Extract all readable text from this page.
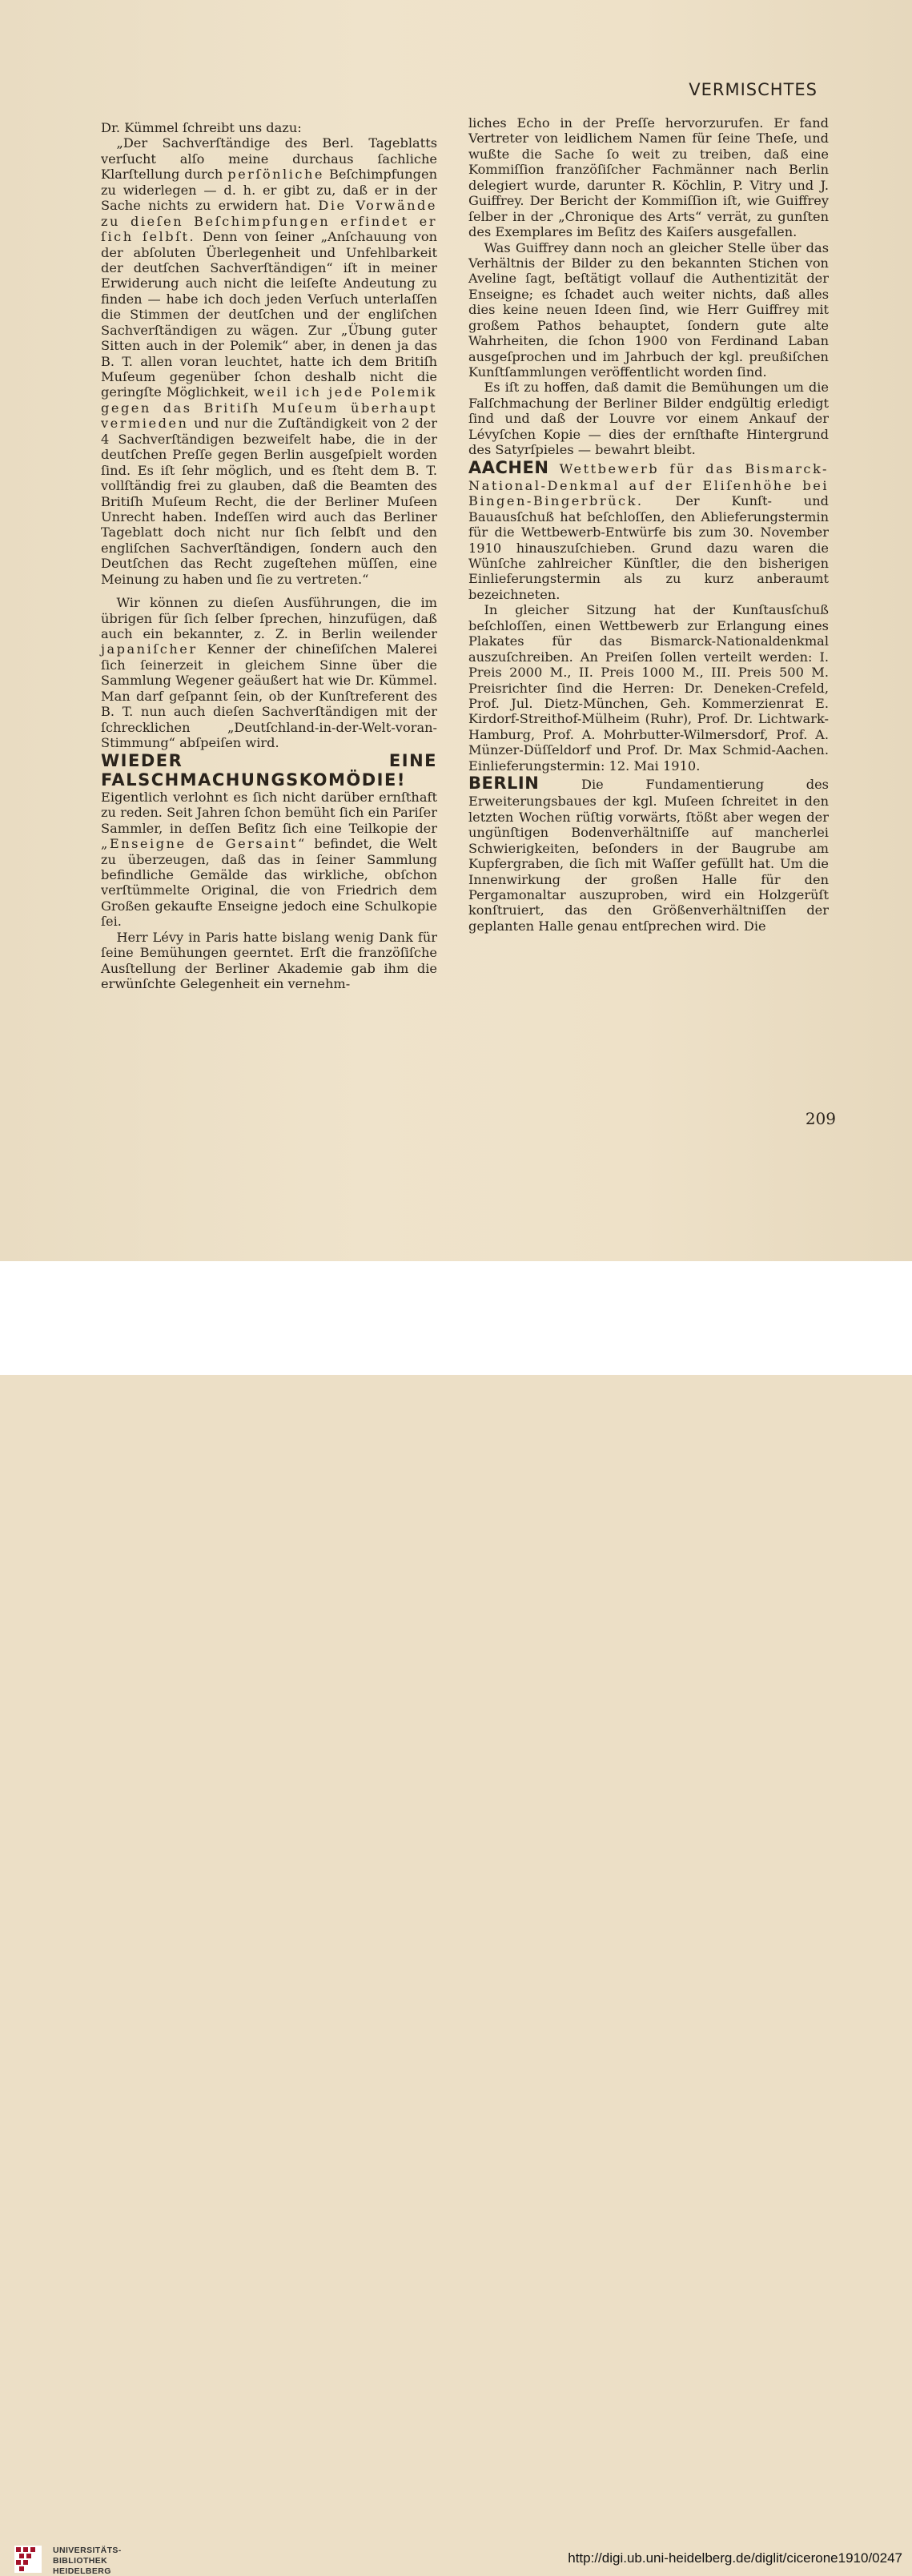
VERMISCHTES

Dr. Kümmel ſchreibt uns dazu:

„Der Sachverſtändige des Berl. Tageblatts verſucht alſo meine durchaus ſachliche Klarſtellung durch perſönliche Beſchimpfungen zu widerlegen — d. h. er gibt zu, daß er in der Sache nichts zu erwidern hat. Die Vorwände zu dieſen Beſchimpfungen erfindet er ſich ſelbſt. Denn von ſeiner „Anſchauung von der abſoluten Überlegenheit und Unfehlbarkeit der deutſchen Sachverſtändigen“ iſt in meiner Erwiderung auch nicht die leiſeſte Andeutung zu finden — habe ich doch jeden Verſuch unterlaſſen die Stimmen der deutſchen und der engliſchen Sachverſtändigen zu wägen. Zur „Übung guter Sitten auch in der Polemik“ aber, in denen ja das B. T. allen voran leuchtet, hatte ich dem Britiſh Muſeum gegenüber ſchon deshalb nicht die geringſte Möglichkeit, weil ich jede Polemik gegen das Britiſh Muſeum überhaupt vermieden und nur die Zuſtändigkeit von 2 der 4 Sachverſtändigen bezweifelt habe, die in der deutſchen Preſſe gegen Berlin ausgeſpielt worden ſind. Es iſt ſehr möglich, und es ſteht dem B. T. vollſtändig frei zu glauben, daß die Beamten des Britiſh Muſeum Recht, die der Berliner Muſeen Unrecht haben. Indeſſen wird auch das Berliner Tageblatt doch nicht nur ſich ſelbſt und den engliſchen Sachverſtändigen, ſondern auch den Deutſchen das Recht zugeſtehen müſſen, eine Meinung zu haben und ſie zu vertreten.“

Wir können zu dieſen Ausführungen, die im übrigen für ſich ſelber ſprechen, hinzufügen, daß auch ein bekannter, z. Z. in Berlin weilender japaniſcher Kenner der chineſiſchen Malerei ſich ſeinerzeit in gleichem Sinne über die Sammlung Wegener geäußert hat wie Dr. Kümmel. Man darf geſpannt ſein, ob der Kunſtreferent des B. T. nun auch dieſen Sachverſtändigen mit der ſchrecklichen „Deutſchland-in-der-Welt-voran-Stimmung“ abſpeiſen wird.

WIEDER EINE FALSCHMACHUNGSKOMÖDIE! Eigentlich verlohnt es ſich nicht darüber ernſthaft zu reden. Seit Jahren ſchon bemüht ſich ein Pariſer Sammler, in deſſen Beſitz ſich eine Teilkopie der „Enseigne de Gersaint“ befindet, die Welt zu überzeugen, daß das in ſeiner Sammlung befindliche Gemälde das wirkliche, obſchon verſtümmelte Original, die von Friedrich dem Großen gekaufte Enseigne jedoch eine Schulkopie ſei.

Herr Lévy in Paris hatte bislang wenig Dank für ſeine Bemühungen geerntet. Erſt die franzöſiſche Ausſtellung der Berliner Akademie gab ihm die erwünſchte Gelegenheit ein vernehm-

liches Echo in der Preſſe hervorzurufen. Er fand Vertreter von leidlichem Namen für ſeine Theſe, und wußte die Sache ſo weit zu treiben, daß eine Kommiſſion franzöſiſcher Fachmänner nach Berlin delegiert wurde, darunter R. Köchlin, P. Vitry und J. Guiffrey. Der Bericht der Kommiſſion iſt, wie Guiffrey ſelber in der „Chronique des Arts“ verrät, zu gunſten des Exemplares im Beſitz des Kaiſers ausgefallen.

Was Guiffrey dann noch an gleicher Stelle über das Verhältnis der Bilder zu den bekannten Stichen von Aveline ſagt, beſtätigt vollauf die Authentizität der Enseigne; es ſchadet auch weiter nichts, daß alles dies keine neuen Ideen ſind, wie Herr Guiffrey mit großem Pathos behauptet, ſondern gute alte Wahrheiten, die ſchon 1900 von Ferdinand Laban ausgeſprochen und im Jahrbuch der kgl. preußiſchen Kunſtſammlungen veröffentlicht worden ſind.

Es iſt zu hoffen, daß damit die Bemühungen um die Falſchmachung der Berliner Bilder endgültig erledigt ſind und daß der Louvre vor einem Ankauf der Lévyſchen Kopie — dies der ernſthafte Hintergrund des Satyrſpieles — bewahrt bleibt.

AACHEN Wettbewerb für das Bismarck-National-Denkmal auf der Eliſenhöhe bei Bingen-Bingerbrück. Der Kunſt- und Bauausſchuß hat beſchloſſen, den Ablieferungstermin für die Wettbewerb-Entwürfe bis zum 30. November 1910 hinauszuſchieben. Grund dazu waren die Wünſche zahlreicher Künſtler, die den bisherigen Einlieferungstermin als zu kurz anberaumt bezeichneten.

In gleicher Sitzung hat der Kunſtausſchuß beſchloſſen, einen Wettbewerb zur Erlangung eines Plakates für das Bismarck-Nationaldenkmal auszuſchreiben. An Preiſen ſollen verteilt werden: I. Preis 2000 M., II. Preis 1000 M., III. Preis 500 M. Preisrichter ſind die Herren: Dr. Deneken-Crefeld, Prof. Jul. Dietz-München, Geh. Kommerzienrat E. Kirdorf-Streithof-Mülheim (Ruhr), Prof. Dr. Lichtwark-Hamburg, Prof. A. Mohrbutter-Wilmersdorf, Prof. A. Münzer-Düſſeldorf und Prof. Dr. Max Schmid-Aachen. Einlieferungstermin: 12. Mai 1910.

BERLIN Die Fundamentierung des Erweiterungsbaues der kgl. Muſeen ſchreitet in den letzten Wochen rüſtig vorwärts, ſtößt aber wegen der ungünſtigen Bodenverhältniſſe auf mancherlei Schwierigkeiten, beſonders in der Baugrube am Kupfergraben, die ſich mit Waſſer gefüllt hat. Um die Innenwirkung der großen Halle für den Pergamonaltar auszuproben, wird ein Holzgerüſt konſtruiert, das den Größenverhältniſſen der geplanten Halle genau entſprechen wird. Die

209
UNIVERSITÄTS-
BIBLIOTHEK
HEIDELBERG
http://digi.ub.uni-heidelberg.de/diglit/cicerone1910/0247
